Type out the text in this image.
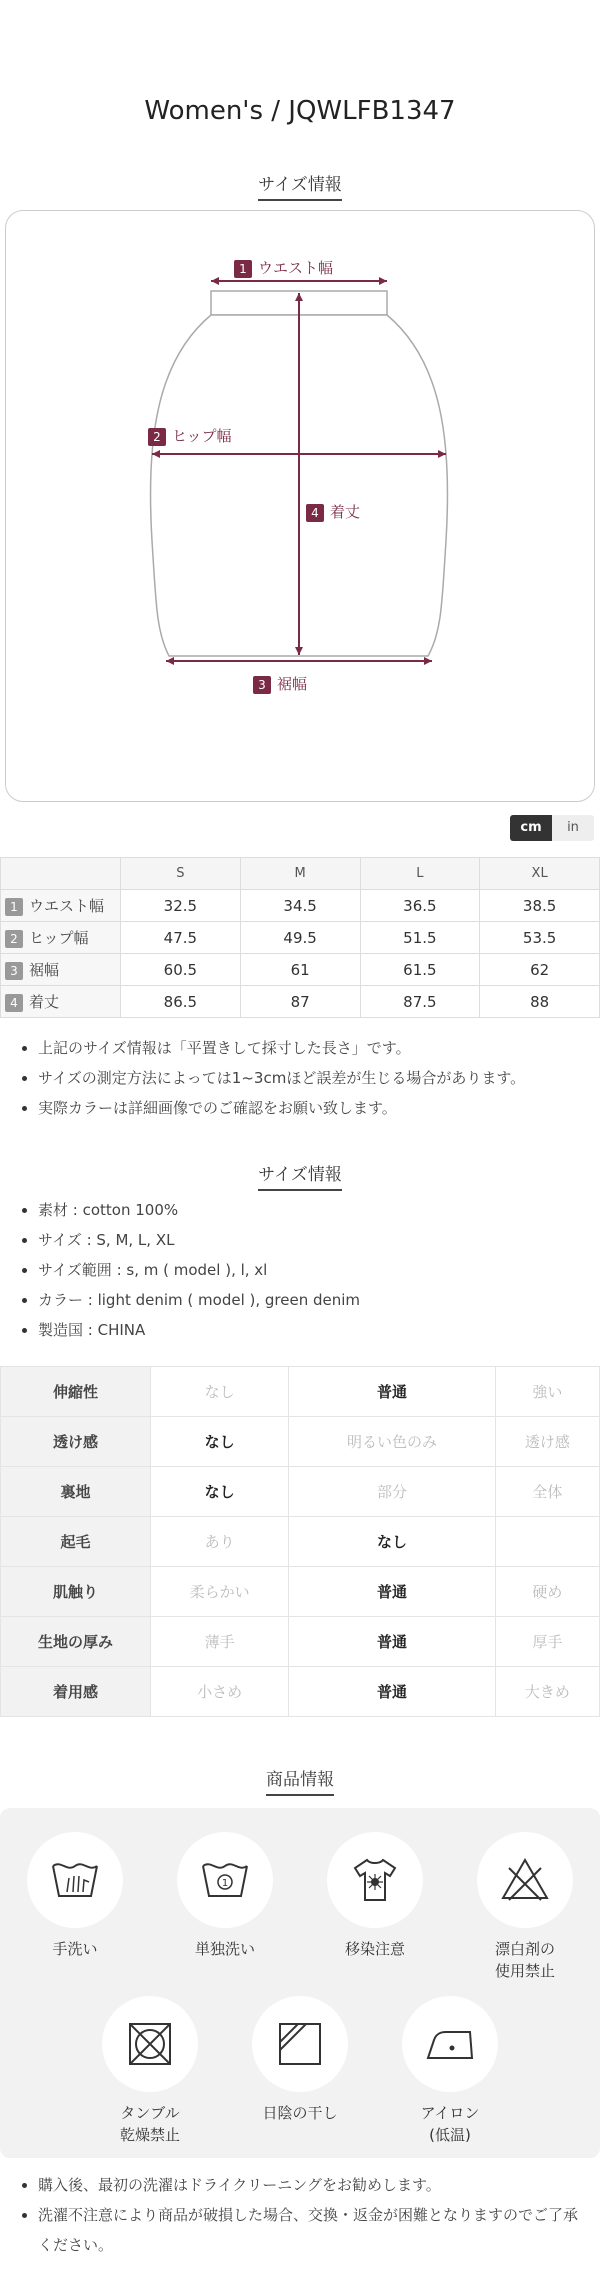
Women's / JQWLFB1347
サイズ情報
1 ウエスト幅
2 ヒップ幅
4 着丈
3 裾幅
cm	in
	S	M	L	XL
1 ウエスト幅	32.5	34.5	36.5	38.5
2 ヒップ幅	47.5	49.5	51.5	53.5
3 裾幅	60.5	61	61.5	62
4 着丈	86.5	87	87.5	88
上記のサイズ情報は「平置きして採寸した長さ」です。
サイズの測定方法によっては1~3cmほど誤差が生じる場合があります。
実際カラーは詳細画像でのご確認をお願い致します。
サイズ情報
素材 : cotton 100%
サイズ : S, M, L, XL
サイズ範囲 : s, m ( model ), l, xl
カラー : light denim ( model ), green denim
製造国 : CHINA
伸縮性	なし	普通	強い
透け感	なし	明るい色のみ	透け感
裏地	なし	部分	全体
起毛	あり	なし	
肌触り	柔らかい	普通	硬め
生地の厚み	薄手	普通	厚手
着用感	小さめ	普通	大きめ
商品情報
手洗い
1
単独洗い	移染注意	漂白剤の
使用禁止
タンブル
乾燥禁止
日陰の干し	アイロン
(低温)
購入後、最初の洗濯はドライクリーニングをお勧めします。
洗濯不注意により商品が破損した場合、交換・返金が困難となりますのでご了承ください。
